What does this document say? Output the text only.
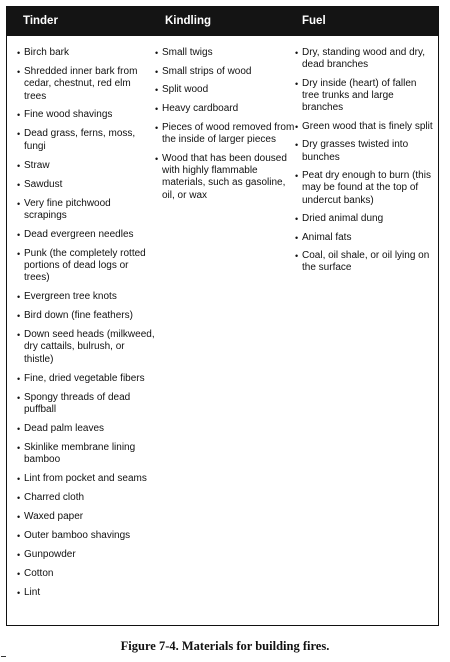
Tinder	Kindling	Fuel
• Birch bark
• Shredded inner bark from cedar, chestnut, red elm trees
• Fine wood shavings
• Dead grass, ferns, moss, fungi
• Straw
• Sawdust
• Very fine pitchwood scrapings
• Dead evergreen needles
• Punk (the completely rotted portions of dead logs or trees)
• Evergreen tree knots
• Bird down (fine feathers)
• Down seed heads (milkweed, dry cattails, bulrush, or thistle)
• Fine, dried vegetable fibers
• Spongy threads of dead puffball
• Dead palm leaves
• Skinlike membrane lining bamboo
• Lint from pocket and seams
• Charred cloth
• Waxed paper
• Outer bamboo shavings
• Gunpowder
• Cotton
• Lint
• Small twigs
• Small strips of wood
• Split wood
• Heavy cardboard
• Pieces of wood removed from the inside of larger pieces
• Wood that has been doused with highly flammable materials, such as gasoline, oil, or wax
• Dry, standing wood and dry, dead branches
• Dry inside (heart) of fallen tree trunks and large branches
• Green wood that is finely split
• Dry grasses twisted into bunches
• Peat dry enough to burn (this may be found at the top of undercut banks)
• Dried animal dung
• Animal fats
• Coal, oil shale, or oil lying on the surface
Figure 7-4. Materials for building fires.
